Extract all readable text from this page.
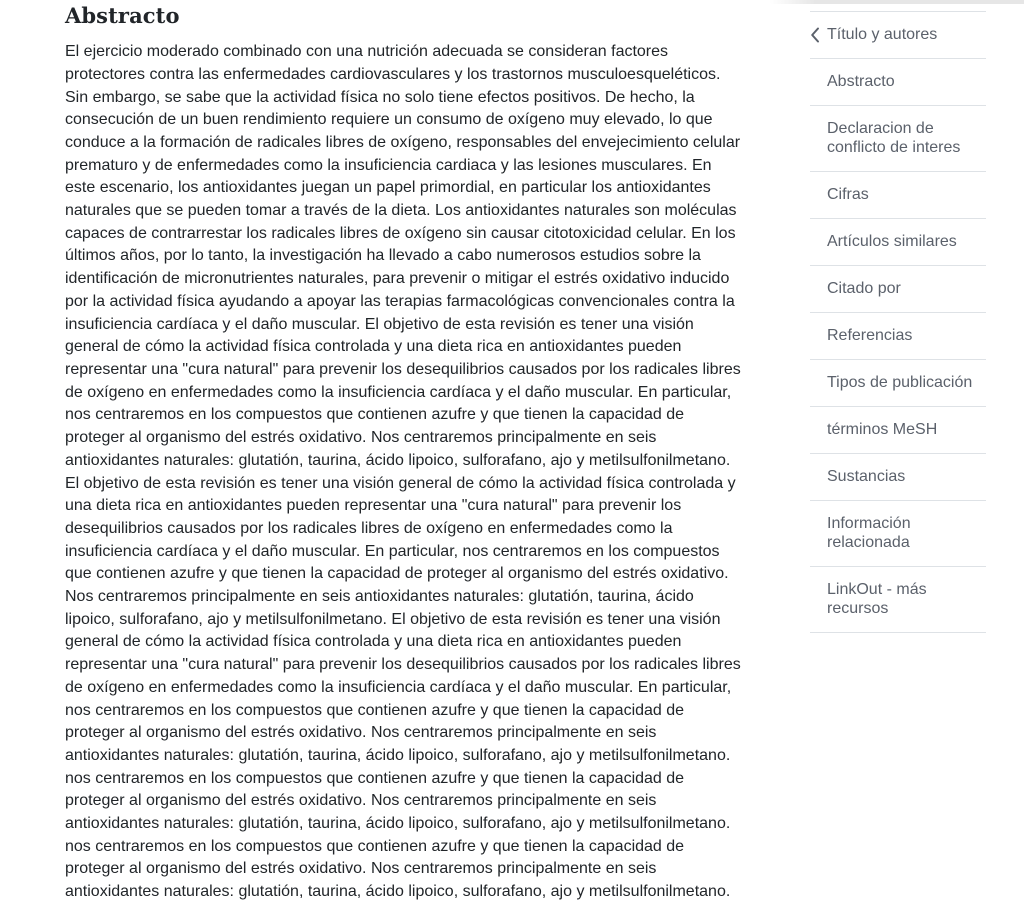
Abstracto

El ejercicio moderado combinado con una nutrición adecuada se consideran factores protectores contra las enfermedades cardiovasculares y los trastornos musculoesqueléticos. Sin embargo, se sabe que la actividad física no solo tiene efectos positivos. De hecho, la consecución de un buen rendimiento requiere un consumo de oxígeno muy elevado, lo que conduce a la formación de radicales libres de oxígeno, responsables del envejecimiento celular prematuro y de enfermedades como la insuficiencia cardiaca y las lesiones musculares. En este escenario, los antioxidantes juegan un papel primordial, en particular los antioxidantes naturales que se pueden tomar a través de la dieta. Los antioxidantes naturales son moléculas capaces de contrarrestar los radicales libres de oxígeno sin causar citotoxicidad celular. En los últimos años, por lo tanto, la investigación ha llevado a cabo numerosos estudios sobre la identificación de micronutrientes naturales, para prevenir o mitigar el estrés oxidativo inducido por la actividad física ayudando a apoyar las terapias farmacológicas convencionales contra la insuficiencia cardíaca y el daño muscular. El objetivo de esta revisión es tener una visión general de cómo la actividad física controlada y una dieta rica en antioxidantes pueden representar una "cura natural" para prevenir los desequilibrios causados por los radicales libres de oxígeno en enfermedades como la insuficiencia cardíaca y el daño muscular. En particular, nos centraremos en los compuestos que contienen azufre y que tienen la capacidad de proteger al organismo del estrés oxidativo. Nos centraremos principalmente en seis antioxidantes naturales: glutatión, taurina, ácido lipoico, sulforafano, ajo y metilsulfonilmetano. El objetivo de esta revisión es tener una visión general de cómo la actividad física controlada y una dieta rica en antioxidantes pueden representar una "cura natural" para prevenir los desequilibrios causados por los radicales libres de oxígeno en enfermedades como la insuficiencia cardíaca y el daño muscular. En particular, nos centraremos en los compuestos que contienen azufre y que tienen la capacidad de proteger al organismo del estrés oxidativo. Nos centraremos principalmente en seis antioxidantes naturales: glutatión, taurina, ácido lipoico, sulforafano, ajo y metilsulfonilmetano. El objetivo de esta revisión es tener una visión general de cómo la actividad física controlada y una dieta rica en antioxidantes pueden representar una "cura natural" para prevenir los desequilibrios causados por los radicales libres de oxígeno en enfermedades como la insuficiencia cardíaca y el daño muscular. En particular, nos centraremos en los compuestos que contienen azufre y que tienen la capacidad de proteger al organismo del estrés oxidativo. Nos centraremos principalmente en seis antioxidantes naturales: glutatión, taurina, ácido lipoico, sulforafano, ajo y metilsulfonilmetano. nos centraremos en los compuestos que contienen azufre y que tienen la capacidad de proteger al organismo del estrés oxidativo. Nos centraremos principalmente en seis antioxidantes naturales: glutatión, taurina, ácido lipoico, sulforafano, ajo y metilsulfonilmetano. nos centraremos en los compuestos que contienen azufre y que tienen la capacidad de proteger al organismo del estrés oxidativo. Nos centraremos principalmente en seis antioxidantes naturales: glutatión, taurina, ácido lipoico, sulforafano, ajo y metilsulfonilmetano.

Título y autores
Abstracto
Declaracion de conflicto de interes
Cifras
Artículos similares
Citado por
Referencias
Tipos de publicación
términos MeSH
Sustancias
Información relacionada
LinkOut - más recursos
